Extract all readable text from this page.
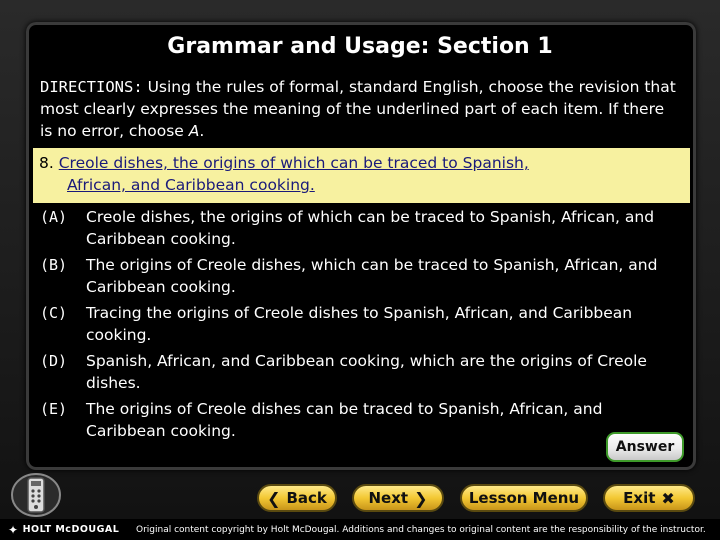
Grammar and Usage: Section 1
DIRECTIONS: Using the rules of formal, standard English, choose the revision that most clearly expresses the meaning of the underlined part of each item. If there is no error, choose A.
8. Creole dishes, the origins of which can be traced to Spanish,
African, and Caribbean cooking.
(A)	Creole dishes, the origins of which can be traced to Spanish, African, and Caribbean cooking.
(B)	The origins of Creole dishes, which can be traced to Spanish, African, and Caribbean cooking.
(C)	Tracing the origins of Creole dishes to Spanish, African, and Caribbean cooking.
(D)	Spanish, African, and Caribbean cooking, which are the origins of Creole dishes.
(E)	The origins of Creole dishes can be traced to Spanish, African, and Caribbean cooking.
Answer
❮ Back	Next ❯	Lesson Menu	Exit ✖
✦ HOLT McDOUGAL Original content copyright by Holt McDougal. Additions and changes to original content are the responsibility of the instructor.
